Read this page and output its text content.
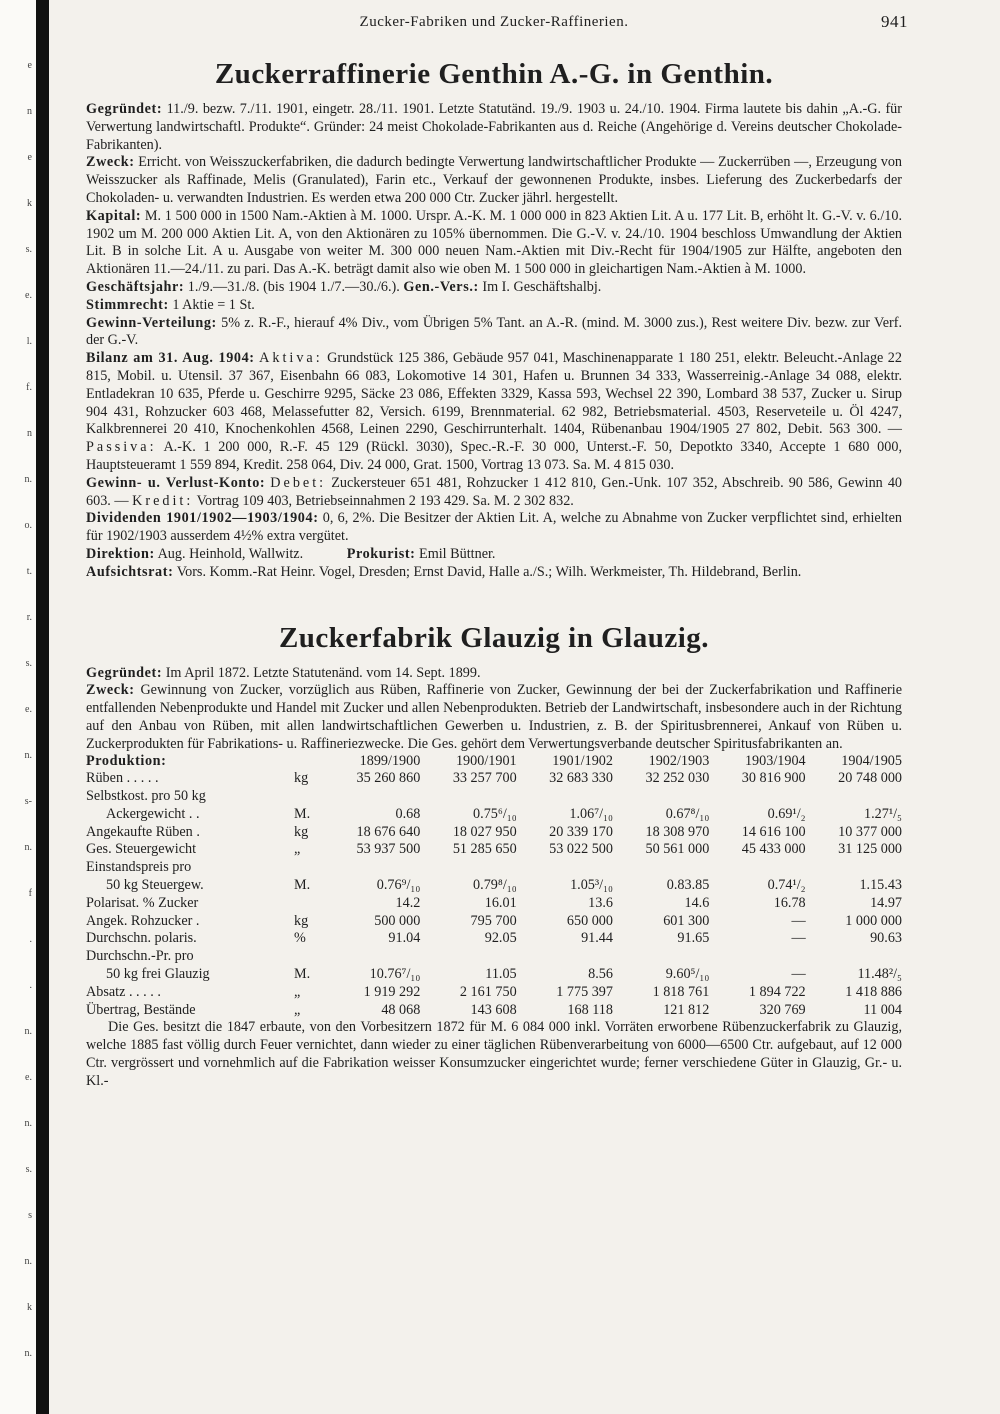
e
n
e
k
s.
e.
l.
f.
n
n.
o.
t.
r.
s.
e.
n.
s-
n.
f
.
.
n.
e.
n.
s.
s
n.
k
n.
Zucker-Fabriken und Zucker-Raffinerien.	941
Zuckerraffinerie Genthin A.-G. in Genthin.

Gegründet: 11./9. bezw. 7./11. 1901, eingetr. 28./11. 1901. Letzte Statutänd. 19./9. 1903 u. 24./10. 1904. Firma lautete bis dahin „A.-G. für Verwertung landwirtschaftl. Produkte“. Gründer: 24 meist Chokolade-Fabrikanten aus d. Reiche (Angehörige d. Vereins deutscher Chokolade-Fabrikanten).

Zweck: Erricht. von Weisszuckerfabriken, die dadurch bedingte Verwertung landwirtschaftlicher Produkte — Zuckerrüben —, Erzeugung von Weisszucker als Raffinade, Melis (Granulated), Farin etc., Verkauf der gewonnenen Produkte, insbes. Lieferung des Zuckerbedarfs der Chokoladen- u. verwandten Industrien. Es werden etwa 200 000 Ctr. Zucker jährl. hergestellt.

Kapital: M. 1 500 000 in 1500 Nam.-Aktien à M. 1000. Urspr. A.-K. M. 1 000 000 in 823 Aktien Lit. A u. 177 Lit. B, erhöht lt. G.-V. v. 6./10. 1902 um M. 200 000 Aktien Lit. A, von den Aktionären zu 105% übernommen. Die G.-V. v. 24./10. 1904 beschloss Umwandlung der Aktien Lit. B in solche Lit. A u. Ausgabe von weiter M. 300 000 neuen Nam.-Aktien mit Div.-Recht für 1904/1905 zur Hälfte, angeboten den Aktionären 11.—24./11. zu pari. Das A.-K. beträgt damit also wie oben M. 1 500 000 in gleichartigen Nam.-Aktien à M. 1000.

Geschäftsjahr: 1./9.—31./8. (bis 1904 1./7.—30./6.). Gen.-Vers.: Im I. Geschäftshalbj.

Stimmrecht: 1 Aktie = 1 St.

Gewinn-Verteilung: 5% z. R.-F., hierauf 4% Div., vom Übrigen 5% Tant. an A.-R. (mind. M. 3000 zus.), Rest weitere Div. bezw. zur Verf. der G.-V.

Bilanz am 31. Aug. 1904: Aktiva: Grundstück 125 386, Gebäude 957 041, Maschinenapparate 1 180 251, elektr. Beleucht.-Anlage 22 815, Mobil. u. Utensil. 37 367, Eisenbahn 66 083, Lokomotive 14 301, Hafen u. Brunnen 34 333, Wasserreinig.-Anlage 34 088, elektr. Entladekran 10 635, Pferde u. Geschirre 9295, Säcke 23 086, Effekten 3329, Kassa 593, Wechsel 22 390, Lombard 38 537, Zucker u. Sirup 904 431, Rohzucker 603 468, Melassefutter 82, Versich. 6199, Brennmaterial. 62 982, Betriebsmaterial. 4503, Reserveteile u. Öl 4247, Kalkbrennerei 20 410, Knochenkohlen 4568, Leinen 2290, Geschirrunterhalt. 1404, Rübenanbau 1904/1905 27 802, Debit. 563 300. — Passiva: A.-K. 1 200 000, R.-F. 45 129 (Rückl. 3030), Spec.-R.-F. 30 000, Unterst.-F. 50, Depotkto 3340, Accepte 1 680 000, Hauptsteueramt 1 559 894, Kredit. 258 064, Div. 24 000, Grat. 1500, Vortrag 13 073. Sa. M. 4 815 030.

Gewinn- u. Verlust-Konto: Debet: Zuckersteuer 651 481, Rohzucker 1 412 810, Gen.-Unk. 107 352, Abschreib. 90 586, Gewinn 40 603. — Kredit: Vortrag 109 403, Betriebseinnahmen 2 193 429. Sa. M. 2 302 832.

Dividenden 1901/1902—1903/1904: 0, 6, 2%. Die Besitzer der Aktien Lit. A, welche zu Abnahme von Zucker verpflichtet sind, erhielten für 1902/1903 ausserdem 4½% extra vergütet.

Direktion: Aug. Heinhold, Wallwitz.	Prokurist: Emil Büttner.

Aufsichtsrat: Vors. Komm.-Rat Heinr. Vogel, Dresden; Ernst David, Halle a./S.; Wilh. Werkmeister, Th. Hildebrand, Berlin.

Zuckerfabrik Glauzig in Glauzig.

Gegründet: Im April 1872. Letzte Statutenänd. vom 14. Sept. 1899.

Zweck: Gewinnung von Zucker, vorzüglich aus Rüben, Raffinerie von Zucker, Gewinnung der bei der Zuckerfabrikation und Raffinerie entfallenden Nebenprodukte und Handel mit Zucker und allen Nebenprodukten. Betrieb der Landwirtschaft, insbesondere auch in der Richtung auf den Anbau von Rüben, mit allen landwirtschaftlichen Gewerben u. Industrien, z. B. der Spiritusbrennerei, Ankauf von Rüben u. Zuckerprodukten für Fabrikations- u. Raffineriezwecke. Die Ges. gehört dem Verwertungsverbande deutscher Spiritusfabrikanten an.

Produktion:		1899/1900	1900/1901	1901/1902	1902/1903	1903/1904	1904/1905
Rüben . . . . .	kg	35 260 860	33 257 700	32 683 330	32 252 030	30 816 900	20 748 000
Selbstkost. pro 50 kg							
Ackergewicht . .	M.	0.68	0.75⁶/₁₀	1.06⁷/₁₀	0.67⁸/₁₀	0.69¹/₂	1.27¹/₅
Angekaufte Rüben .	kg	18 676 640	18 027 950	20 339 170	18 308 970	14 616 100	10 377 000
Ges. Steuergewicht	„	53 937 500	51 285 650	53 022 500	50 561 000	45 433 000	31 125 000
Einstandspreis pro							
50 kg Steuergew.	M.	0.76⁹/₁₀	0.79⁸/₁₀	1.05³/₁₀	0.83.85	0.74¹/₂	1.15.43
Polarisat. % Zucker		14.2	16.01	13.6	14.6	16.78	14.97
Angek. Rohzucker .	kg	500 000	795 700	650 000	601 300	—	1 000 000
Durchschn. polaris.	%	91.04	92.05	91.44	91.65	—	90.63
Durchschn.-Pr. pro							
50 kg frei Glauzig	M.	10.76⁷/₁₀	11.05	8.56	9.60⁵/₁₀	—	11.48²/₅
Absatz . . . . .	„	1 919 292	2 161 750	1 775 397	1 818 761	1 894 722	1 418 886
Übertrag, Bestände	„	48 068	143 608	168 118	121 812	320 769	11 004

Die Ges. besitzt die 1847 erbaute, von den Vorbesitzern 1872 für M. 6 084 000 inkl. Vorräten erworbene Rübenzuckerfabrik zu Glauzig, welche 1885 fast völlig durch Feuer vernichtet, dann wieder zu einer täglichen Rübenverarbeitung von 6000—6500 Ctr. aufgebaut, auf 12 000 Ctr. vergrössert und vornehmlich auf die Fabrikation weisser Konsumzucker eingerichtet wurde; ferner verschiedene Güter in Glauzig, Gr.- u. Kl.-
